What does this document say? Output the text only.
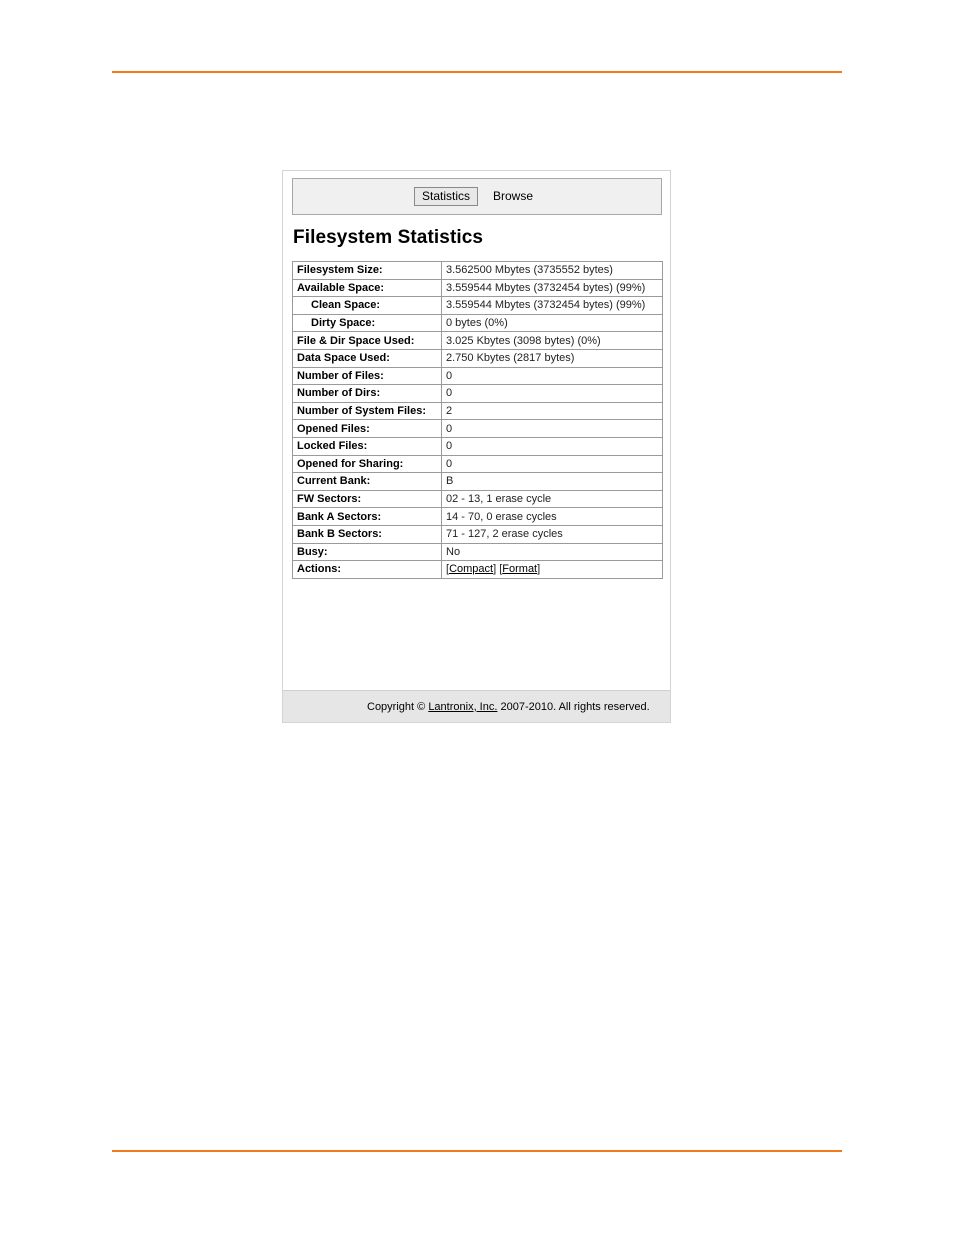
Statistics	Browse
Filesystem Statistics
Filesystem Size:	3.562500 Mbytes (3735552 bytes)
Available Space:	3.559544 Mbytes (3732454 bytes) (99%)
Clean Space:	3.559544 Mbytes (3732454 bytes) (99%)
Dirty Space:	0 bytes (0%)
File & Dir Space Used:	3.025 Kbytes (3098 bytes) (0%)
Data Space Used:	2.750 Kbytes (2817 bytes)
Number of Files:	0
Number of Dirs:	0
Number of System Files:	2
Opened Files:	0
Locked Files:	0
Opened for Sharing:	0
Current Bank:	B
FW Sectors:	02 - 13, 1 erase cycle
Bank A Sectors:	14 - 70, 0 erase cycles
Bank B Sectors:	71 - 127, 2 erase cycles
Busy:	No
Actions:	[Compact] [Format]
Copyright ©
Lantronix, Inc.
2007-2010. All rights reserved.
